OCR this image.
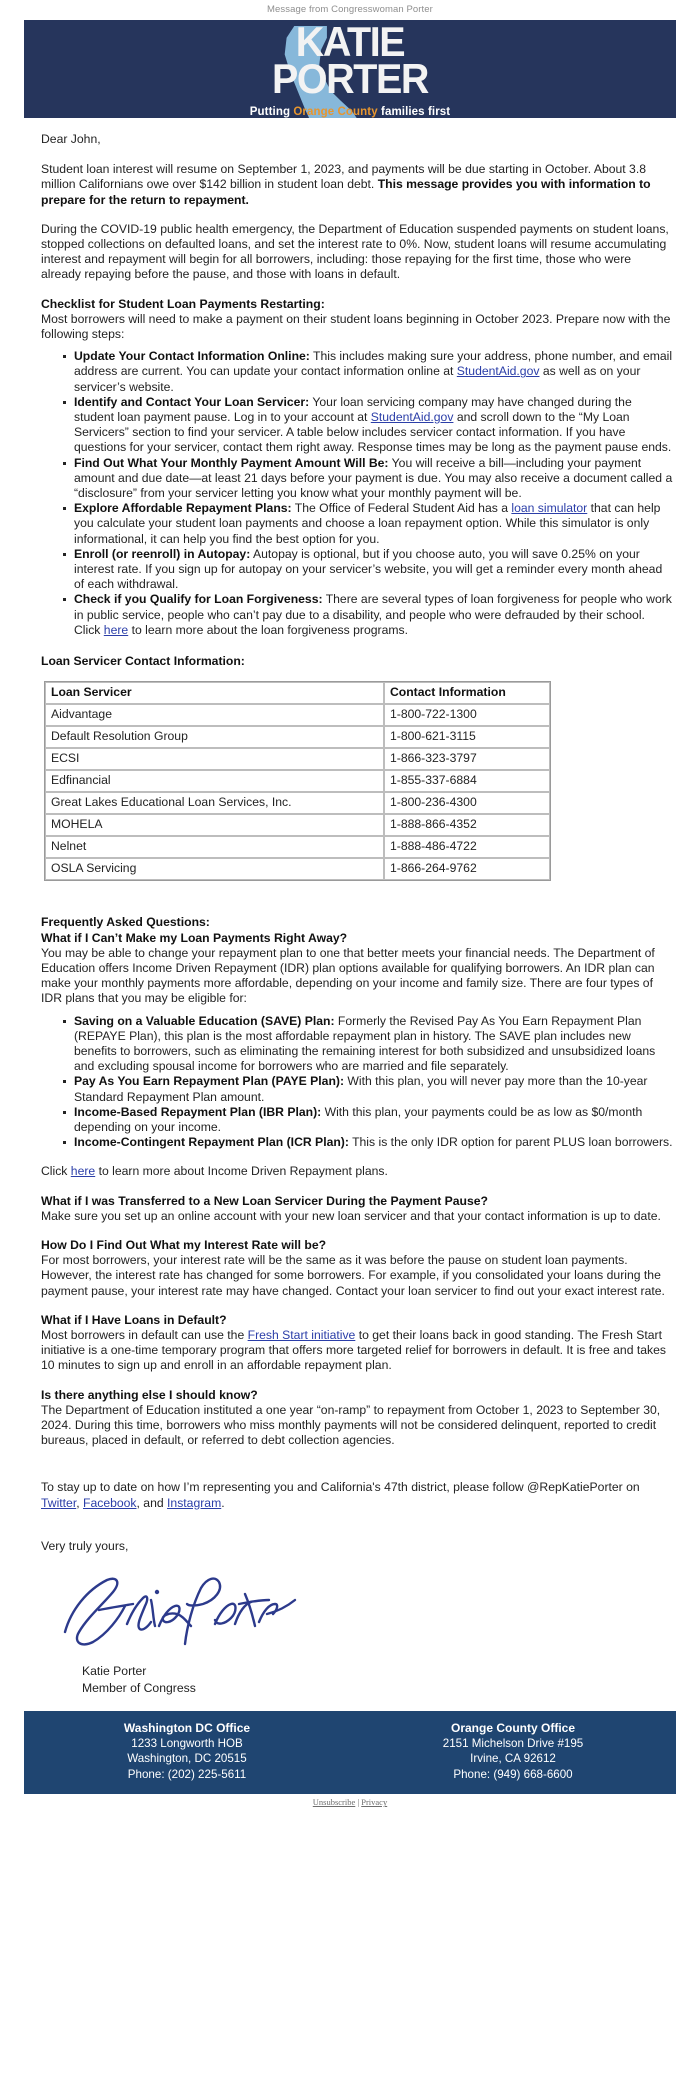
Message from Congresswoman Porter
KATIE
PORTER
Putting Orange County families first

Dear John,

Student loan interest will resume on September 1, 2023, and payments will be due starting in October. About 3.8 million Californians owe over $142 billion in student loan debt. This message provides you with information to prepare for the return to repayment.

During the COVID-19 public health emergency, the Department of Education suspended payments on student loans, stopped collections on defaulted loans, and set the interest rate to 0%. Now, student loans will resume accumulating interest and repayment will begin for all borrowers, including: those repaying for the first time, those who were already repaying before the pause, and those with loans in default.

Checklist for Student Loan Payments Restarting:

Most borrowers will need to make a payment on their student loans beginning in October 2023. Prepare now with the following steps:

Update Your Contact Information Online: This includes making sure your address, phone number, and email address are current. You can update your contact information online at StudentAid.gov as well as on your servicer’s website.
Identify and Contact Your Loan Servicer: Your loan servicing company may have changed during the student loan payment pause. Log in to your account at StudentAid.gov and scroll down to the “My Loan Servicers” section to find your servicer. A table below includes servicer contact information. If you have questions for your servicer, contact them right away. Response times may be long as the payment pause ends.
Find Out What Your Monthly Payment Amount Will Be: You will receive a bill—including your payment amount and due date—at least 21 days before your payment is due. You may also receive a document called a “disclosure” from your servicer letting you know what your monthly payment will be.
Explore Affordable Repayment Plans: The Office of Federal Student Aid has a loan simulator that can help you calculate your student loan payments and choose a loan repayment option. While this simulator is only informational, it can help you find the best option for you.
Enroll (or reenroll) in Autopay: Autopay is optional, but if you choose auto, you will save 0.25% on your interest rate. If you sign up for autopay on your servicer’s website, you will get a reminder every month ahead of each withdrawal.
Check if you Qualify for Loan Forgiveness: There are several types of loan forgiveness for people who work in public service, people who can’t pay due to a disability, and people who were defrauded by their school. Click here to learn more about the loan forgiveness programs.
Loan Servicer Contact Information:
Loan Servicer	Contact Information
Aidvantage	1-800-722-1300
Default Resolution Group	1-800-621-3115
ECSI	1-866-323-3797
Edfinancial	1-855-337-6884
Great Lakes Educational Loan Services, Inc.	1-800-236-4300
MOHELA	1-888-866-4352
Nelnet	1-888-486-4722
OSLA Servicing	1-866-264-9762
Frequently Asked Questions:
What if I Can’t Make my Loan Payments Right Away?

You may be able to change your repayment plan to one that better meets your financial needs. The Department of Education offers Income Driven Repayment (IDR) plan options available for qualifying borrowers. An IDR plan can make your monthly payments more affordable, depending on your income and family size. There are four types of IDR plans that you may be eligible for:

Saving on a Valuable Education (SAVE) Plan: Formerly the Revised Pay As You Earn Repayment Plan (REPAYE Plan), this plan is the most affordable repayment plan in history. The SAVE plan includes new benefits to borrowers, such as eliminating the remaining interest for both subsidized and unsubsidized loans and excluding spousal income for borrowers who are married and file separately.
Pay As You Earn Repayment Plan (PAYE Plan): With this plan, you will never pay more than the 10-year Standard Repayment Plan amount.
Income-Based Repayment Plan (IBR Plan): With this plan, your payments could be as low as $0/month depending on your income.
Income-Contingent Repayment Plan (ICR Plan): This is the only IDR option for parent PLUS loan borrowers.

Click here to learn more about Income Driven Repayment plans.

What if I was Transferred to a New Loan Servicer During the Payment Pause?

Make sure you set up an online account with your new loan servicer and that your contact information is up to date.

How Do I Find Out What my Interest Rate will be?

For most borrowers, your interest rate will be the same as it was before the pause on student loan payments. However, the interest rate has changed for some borrowers. For example, if you consolidated your loans during the payment pause, your interest rate may have changed. Contact your loan servicer to find out your exact interest rate.

What if I Have Loans in Default?

Most borrowers in default can use the Fresh Start initiative to get their loans back in good standing. The Fresh Start initiative is a one-time temporary program that offers more targeted relief for borrowers in default. It is free and takes 10 minutes to sign up and enroll in an affordable repayment plan.

Is there anything else I should know?

The Department of Education instituted a one year “on-ramp” to repayment from October 1, 2023 to September 30, 2024. During this time, borrowers who miss monthly payments will not be considered delinquent, reported to credit bureaus, placed in default, or referred to debt collection agencies.

To stay up to date on how I’m representing you and California's 47th district, please follow @RepKatiePorter on Twitter, Facebook, and Instagram.

Very truly yours,

Katie Porter
Member of Congress
Washington DC Office
1233 Longworth HOB
Washington, DC 20515
Phone: (202) 225-5611
Orange County Office
2151 Michelson Drive #195
Irvine, CA 92612
Phone: (949) 668-6600
Unsubscribe | Privacy
